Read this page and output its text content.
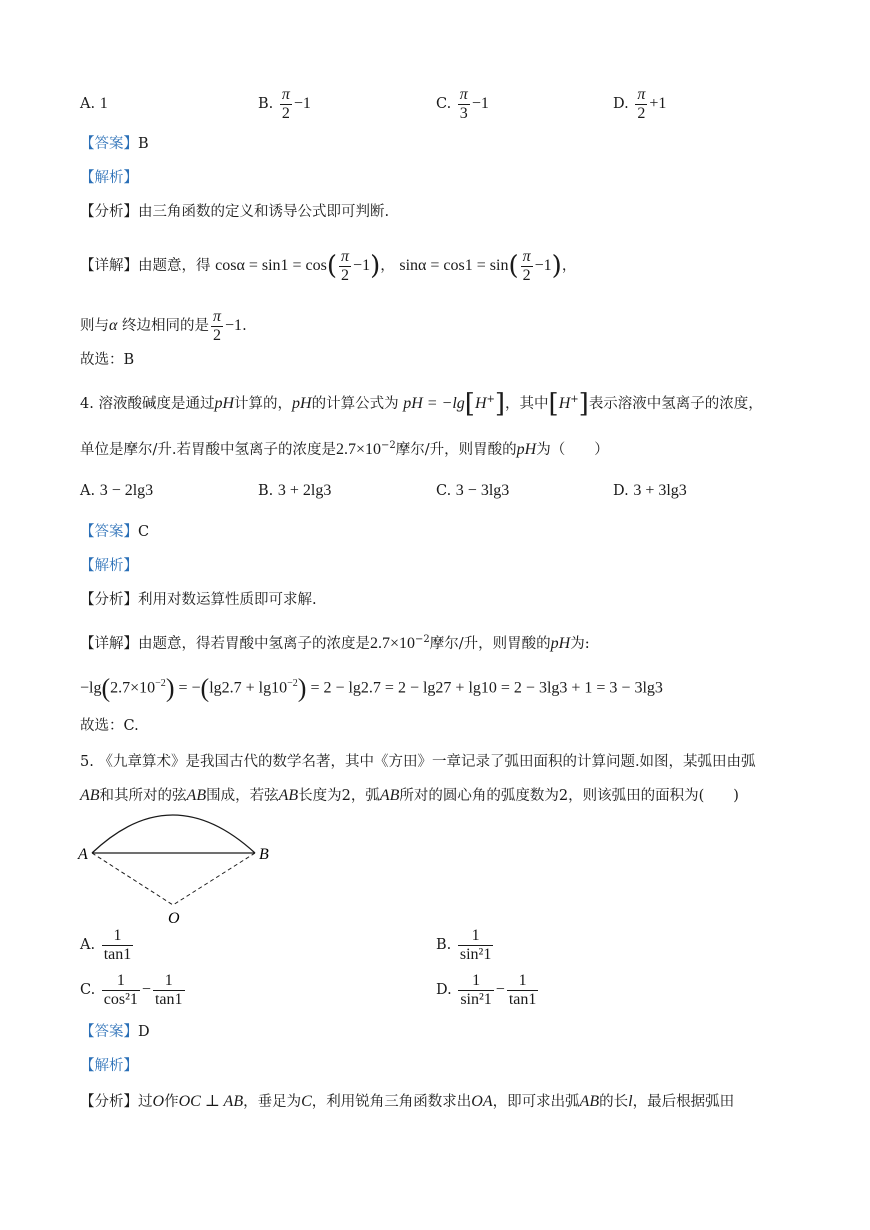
A. 1	B. $\frac{\pi}{2} -1$	C. $\frac{\pi}{3} -1$	D. $\frac{\pi}{2} +1$
【答案】B
【解析】
【分析】由三角函数的定义和诱导公式即可判断.
【详解】由题意，得 $\cos\alpha = \sin 1 = \cos( \frac{\pi}{2} -1)$， $\sin\alpha = \cos 1 = \sin( \frac{\pi}{2} -1)$，
则与α 终边相同的是 $\frac{\pi}{2} -1$.
故选：B
4. 溶液酸碱度是通过pH计算的，pH的计算公式为 pH = −lg[H+]，其中[H+]表示溶液中氢离子的浓度，
单位是摩尔/升.若胃酸中氢离子的浓度是$2.7\times 10^{-2}$摩尔/升，则胃酸的pH为（　　）
A. 3 − 2lg3	B. 3 + 2lg3	C. 3 − 3lg3	D. 3 + 3lg3
【答案】C
【解析】
【分析】利用对数运算性质即可求解.
【详解】由题意，得若胃酸中氢离子的浓度是$2.7\times 10^{-2}$摩尔/升，则胃酸的pH为:
$-\lg(2.7\times 10^{-2}) = -(\lg 2.7 + \lg 10^{-2}) = 2 - \lg 2.7 = 2 - \lg 27 + \lg 10 = 2 - 3\lg 3 + 1 = 3 - 3\lg 3$
故选：C.
5. 《九章算术》是我国古代的数学名著，其中《方田》一章记录了弧田面积的计算问题.如图，某弧田由弧
AB和其所对的弦AB围成，若弦AB长度为2，弧AB所对的圆心角的弧度数为2，则该弧田的面积为(　　)
A	B
O
A. $\frac{1}{\tan 1}$	B. $\frac{1}{\text{sin²1}}$
C. $\frac{1}{\text{cos²1}} - \frac{1}{\tan 1}$	D. $\frac{1}{\text{sin²1}} - \frac{1}{\tan 1}$
【答案】D
【解析】
【分析】过O作OC ⊥ AB，垂足为C，利用锐角三角函数求出OA，即可求出弧AB的长l，最后根据弧田
